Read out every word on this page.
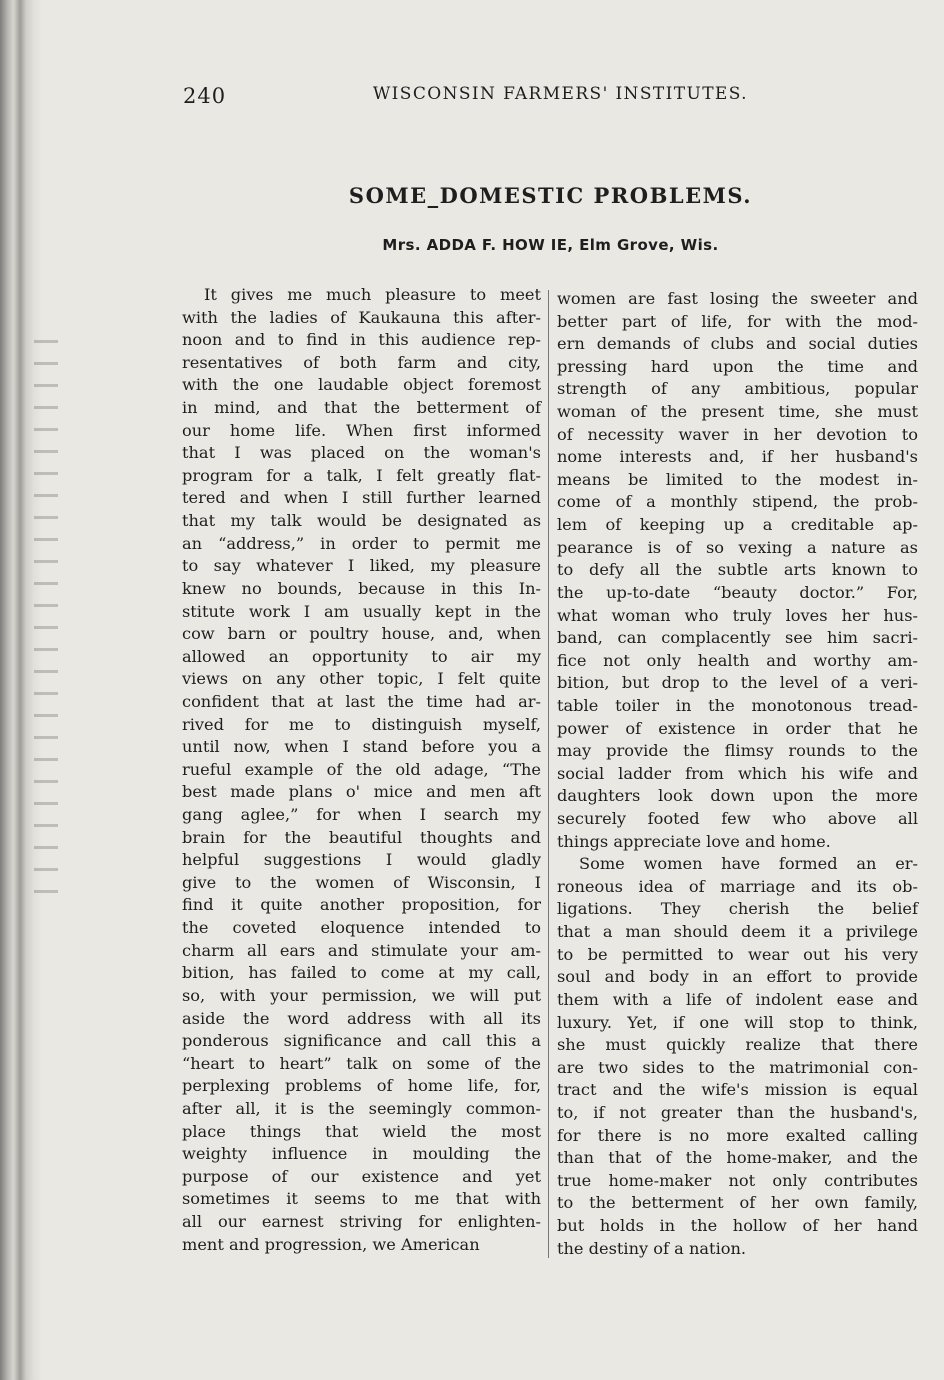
240	WISCONSIN FARMERS' INSTITUTES.
SOME_DOMESTIC PROBLEMS.
Mrs. ADDA F. HOW IE, Elm Grove, Wis.
It gives me much pleasure to meet
with the ladies of Kaukauna this after-
noon and to find in this audience rep-
resentatives of both farm and city,
with the one laudable object foremost
in mind, and that the betterment of
our home life. When first informed
that I was placed on the woman's
program for a talk, I felt greatly flat-
tered and when I still further learned
that my talk would be designated as
an “address,” in order to permit me
to say whatever I liked, my pleasure
knew no bounds, because in this In-
stitute work I am usually kept in the
cow barn or poultry house, and, when
allowed an opportunity to air my
views on any other topic, I felt quite
confident that at last the time had ar-
rived for me to distinguish myself,
until now, when I stand before you a
rueful example of the old adage, “The
best made plans o' mice and men aft
gang aglee,” for when I search my
brain for the beautiful thoughts and
helpful suggestions I would gladly
give to the women of Wisconsin, I
find it quite another proposition, for
the coveted eloquence intended to
charm all ears and stimulate your am-
bition, has failed to come at my call,
so, with your permission, we will put
aside the word address with all its
ponderous significance and call this a
“heart to heart” talk on some of the
perplexing problems of home life, for,
after all, it is the seemingly common-
place things that wield the most
weighty influence in moulding the
purpose of our existence and yet
sometimes it seems to me that with
all our earnest striving for enlighten-
ment and progression, we American
women are fast losing the sweeter and
better part of life, for with the mod-
ern demands of clubs and social duties
pressing hard upon the time and
strength of any ambitious, popular
woman of the present time, she must
of necessity waver in her devotion to
nome interests and, if her husband's
means be limited to the modest in-
come of a monthly stipend, the prob-
lem of keeping up a creditable ap-
pearance is of so vexing a nature as
to defy all the subtle arts known to
the up-to-date “beauty doctor.” For,
what woman who truly loves her hus-
band, can complacently see him sacri-
fice not only health and worthy am-
bition, but drop to the level of a veri-
table toiler in the monotonous tread-
power of existence in order that he
may provide the flimsy rounds to the
social ladder from which his wife and
daughters look down upon the more
securely footed few who above all
things appreciate love and home.
Some women have formed an er-
roneous idea of marriage and its ob-
ligations. They cherish the belief
that a man should deem it a privilege
to be permitted to wear out his very
soul and body in an effort to provide
them with a life of indolent ease and
luxury. Yet, if one will stop to think,
she must quickly realize that there
are two sides to the matrimonial con-
tract and the wife's mission is equal
to, if not greater than the husband's,
for there is no more exalted calling
than that of the home-maker, and the
true home-maker not only contributes
to the betterment of her own family,
but holds in the hollow of her hand
the destiny of a nation.
